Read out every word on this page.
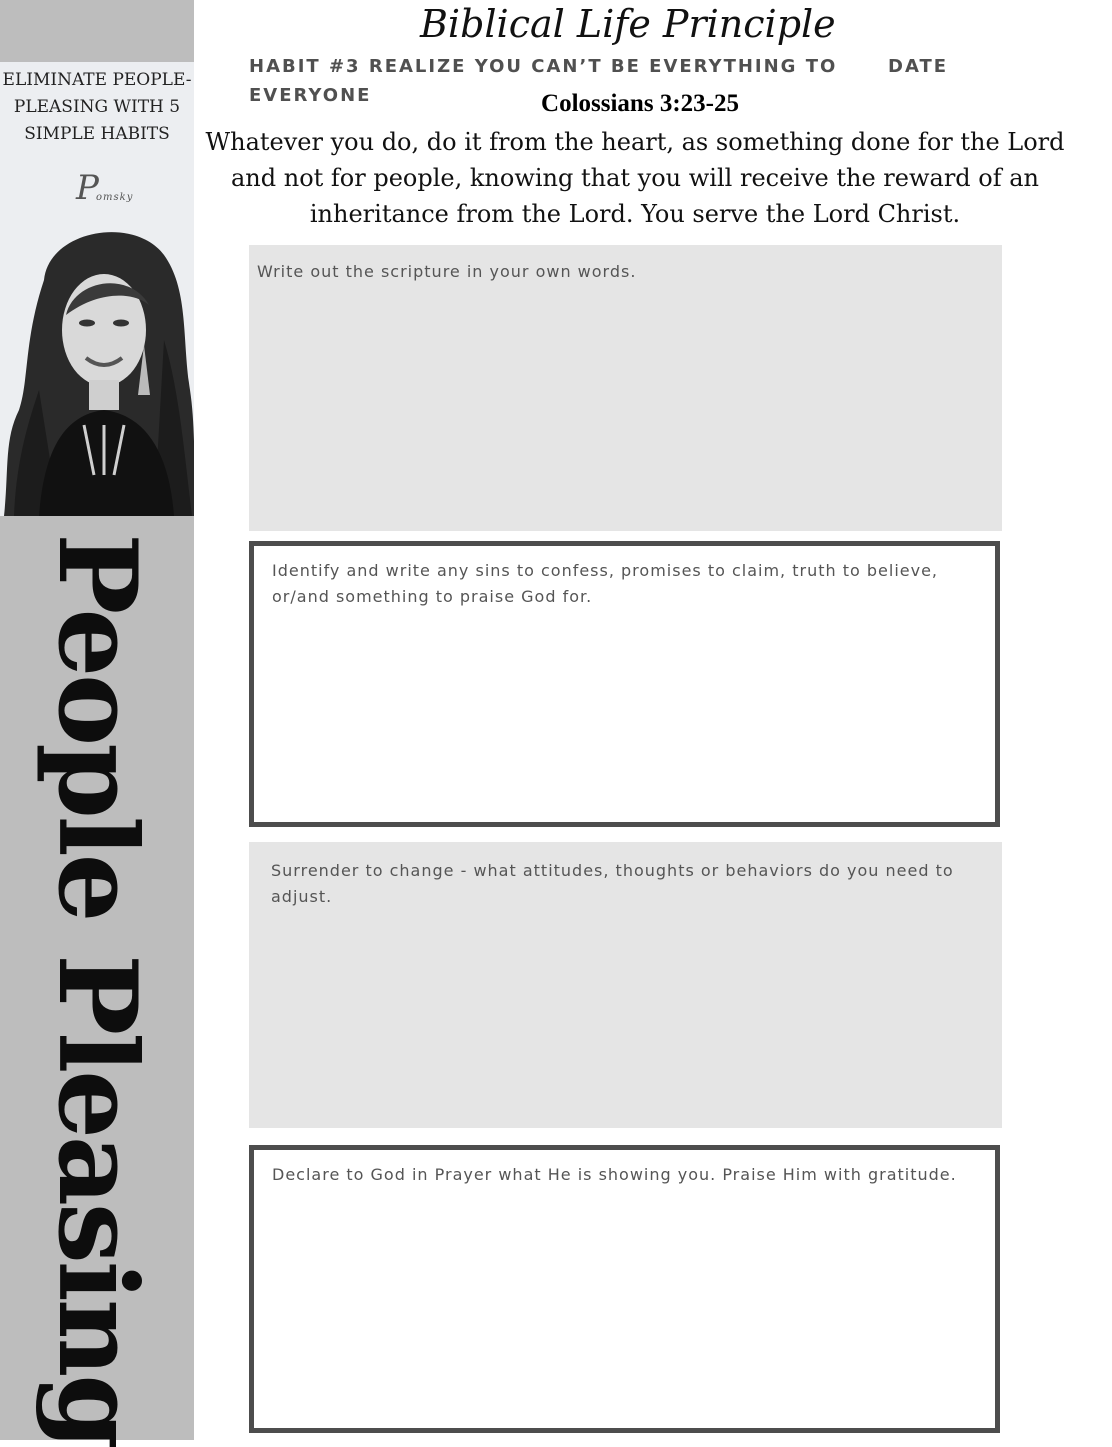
ELIMINATE PEOPLE-PLEASING WITH 5 SIMPLE HABITS
P
omsky
People Pleasing
Biblical Life Principle
HABIT #3 REALIZE YOU CAN’T BE EVERYTHING TO EVERYONE
DATE
Colossians 3:23-25
Whatever you do, do it from the heart, as something done for the Lord and not for people, knowing that you will receive the reward of an inheritance from the Lord. You serve the Lord Christ.
Write out the scripture in your own words.
Identify and write any sins to confess, promises to claim, truth to believe, or/and something to praise God for.
Surrender to change - what attitudes, thoughts or behaviors do you need to adjust.
Declare to God in Prayer what He is showing you. Praise Him with gratitude.
